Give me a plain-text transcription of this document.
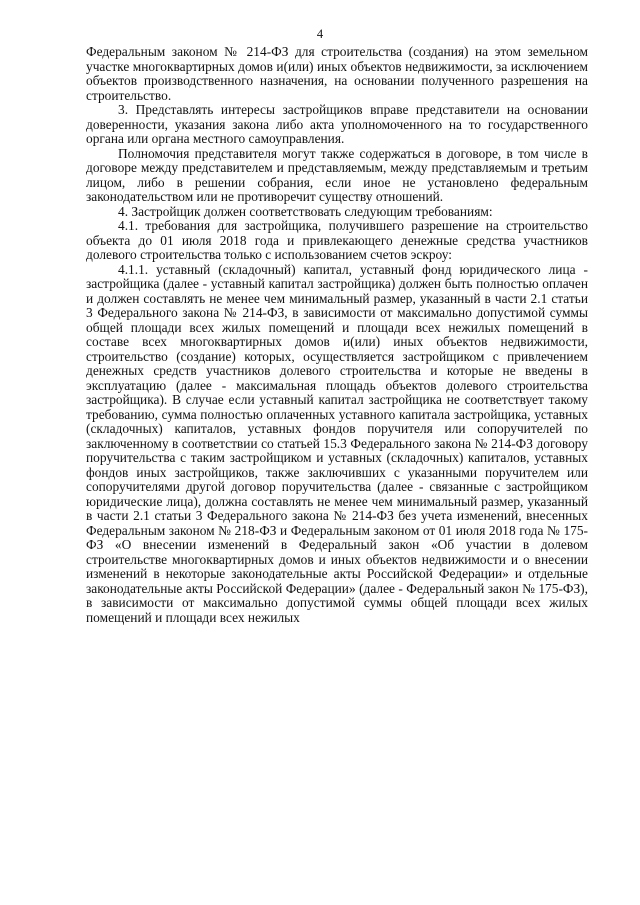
4

Федеральным законом № 214-ФЗ для строительства (создания) на этом земельном участке многоквартирных домов и(или) иных объектов недвижимости, за исключением объектов производственного назначения, на основании полученного разрешения на строительство.

3. Представлять интересы застройщиков вправе представители на основании доверенности, указания закона либо акта уполномоченного на то государственного органа или органа местного самоуправления.

Полномочия представителя могут также содержаться в договоре, в том числе в договоре между представителем и представляемым, между представляемым и третьим лицом, либо в решении собрания, если иное не установлено федеральным законодательством или не противоречит существу отношений.

4. Застройщик должен соответствовать следующим требованиям:

4.1. требования для застройщика, получившего разрешение на строительство объекта до 01 июля 2018 года и привлекающего денежные средства участников долевого строительства только с использованием счетов эскроу:

4.1.1. уставный (складочный) капитал, уставный фонд юридического лица - застройщика (далее - уставный капитал застройщика) должен быть полностью оплачен и должен составлять не менее чем минимальный размер, указанный в части 2.1 статьи 3 Федерального закона № 214-ФЗ, в зависимости от максимально допустимой суммы общей площади всех жилых помещений и площади всех нежилых помещений в составе всех многоквартирных домов и(или) иных объектов недвижимости, строительство (создание) которых, осуществляется застройщиком с привлечением денежных средств участников долевого строительства и которые не введены в эксплуатацию (далее - максимальная площадь объектов долевого строительства застройщика). В случае если уставный капитал застройщика не соответствует такому требованию, сумма полностью оплаченных уставного капитала застройщика, уставных (складочных) капиталов, уставных фондов поручителя или сопоручителей по заключенному в соответствии со статьей 15.3 Федерального закона № 214-ФЗ договору поручительства с таким застройщиком и уставных (складочных) капиталов, уставных фондов иных застройщиков, также заключивших с указанными поручителем или сопоручителями другой договор поручительства (далее - связанные с застройщиком юридические лица), должна составлять не менее чем минимальный размер, указанный в части 2.1 статьи 3 Федерального закона № 214-ФЗ без учета изменений, внесенных Федеральным законом № 218-ФЗ и Федеральным законом от 01 июля 2018 года № 175-ФЗ «О внесении изменений в Федеральный закон «Об участии в долевом строительстве многоквартирных домов и иных объектов недвижимости и о внесении изменений в некоторые законодательные акты Российской Федерации» и отдельные законодательные акты Российской Федерации» (далее - Федеральный закон № 175-ФЗ), в зависимости от максимально допустимой суммы общей площади всех жилых помещений и площади всех нежилых
